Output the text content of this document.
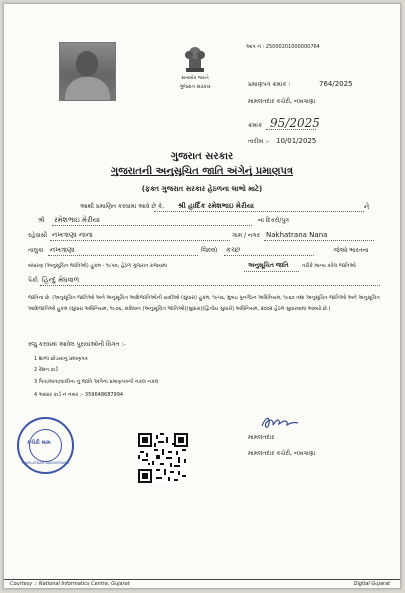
આપ નં : 25000201000000764
સત્યમેવ જયતે
ગુજરાત સરકાર	પ્રમાણપત્ર ક્રમાંક :	764/2025
મામલતદાર કચેરી, નખત્રાણા
ક્રમાંક 95/2025
તારીખ :- 10/01/2025
ગુજરાત સરકાર
ગુજરાતની અનુસૂચિત જાતિ અંગેનું પ્રમાણપત્ર
(ફક્ત ગુજરાત સરકાર હેઠળના લાભો માટે)
આથી પ્રમાણિત કરવામાં આવે છે કે, શ્રી હાર્દિક રમેશભાઇ મેરીયા	ને
શ્રી રમેશભાઇ મેરીયા	ના દિકરો/પુત્ર
રહેવાસી નખત્રાણા નાના	ગામ / નગર Nakhatrana Nana
તાલુકા નખત્રાણા	જિલ્લો કચ્છ	જેઓ ભારતના
બંધારણ (અનુસૂચિત જાતિઓ) હુકમ - ૧૯૫૦, હેઠળ ગુજરાત રાજ્યમાં	અનુસૂચિત જાતિ	તરીકે માન્ય કરેલ જાતિઓ
પૈકી હિન્દુ મેઘવાળ
જાતિના છે. (અનુસૂચિત જાતિઓ અને અનુસૂચિત આદિજાતિઓની યાદીઓ (સુધારા) હુકમ, ૧૯૫૬, મુંબઇ પુનર્ગઠન અધિનિયમ, ૧૯૬૦ તથા અનુસૂચિત જાતિઓ અને અનુસૂચિત આદિજાતિઓ હુકમ (સુધારા અધિનિયમ, ૧૯૭૬, સંવિધાન (અનુસૂચિત જાતિઓ)(સુધારા)(દ્વિતીય સુધારો) અધિનિયમ, ૨૦૦૨ હેઠળ સુધારવામાં આવ્યો છે.)
રજુ કરવામાં આવેલ પુરાવાઓની વિગત :-
1 શાળા છોડયાનું પ્રમાણપત્ર
2 રેશન કાર્ડ
3 પિતા/માતા/વાલીના નું જાતિ અંગેનાં પ્રમાણપત્રની નકલ નકલ
4 આધાર કાર્ડ નં નંબર :- 359648687994
કચેરી મામ
MAMLATDAR NAKHATRANA
મામલતદાર
મામલતદાર કચેરી, નખત્રાણા
Courtesy :: National Informatics Centre, Gujarat	Digital Gujarat
